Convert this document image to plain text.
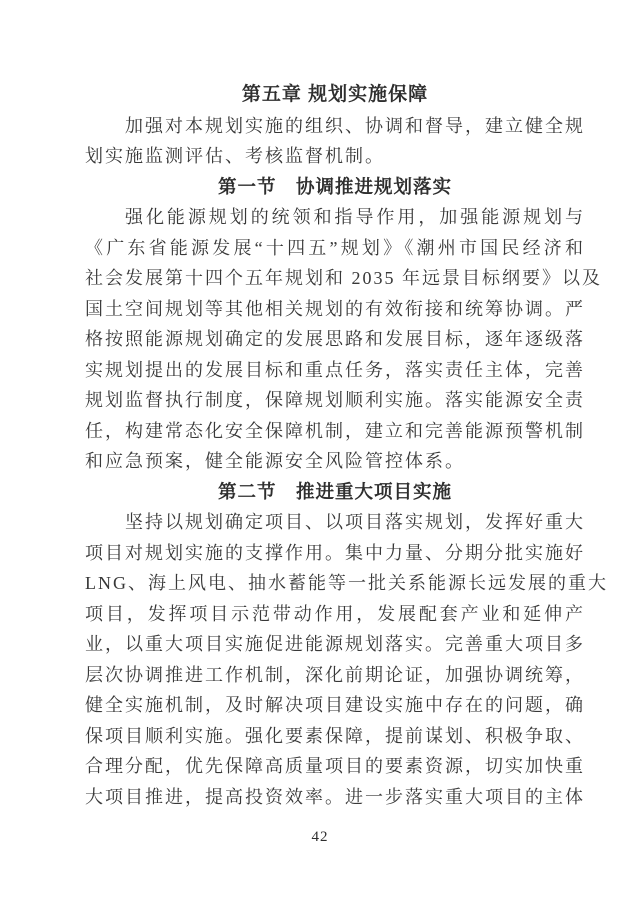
第五章 规划实施保障
加强对本规划实施的组织、协调和督导，建立健全规
划实施监测评估、考核监督机制。
第一节　协调推进规划落实
强化能源规划的统领和指导作用，加强能源规划与
《广东省能源发展“十四五”规划》《潮州市国民经济和
社会发展第十四个五年规划和 2035 年远景目标纲要》以及
国土空间规划等其他相关规划的有效衔接和统筹协调。严
格按照能源规划确定的发展思路和发展目标，逐年逐级落
实规划提出的发展目标和重点任务，落实责任主体，完善
规划监督执行制度，保障规划顺利实施。落实能源安全责
任，构建常态化安全保障机制，建立和完善能源预警机制
和应急预案，健全能源安全风险管控体系。
第二节　推进重大项目实施
坚持以规划确定项目、以项目落实规划，发挥好重大
项目对规划实施的支撑作用。集中力量、分期分批实施好
LNG、海上风电、抽水蓄能等一批关系能源长远发展的重大
项目，发挥项目示范带动作用，发展配套产业和延伸产
业，以重大项目实施促进能源规划落实。完善重大项目多
层次协调推进工作机制，深化前期论证，加强协调统筹，
健全实施机制，及时解决项目建设实施中存在的问题，确
保项目顺利实施。强化要素保障，提前谋划、积极争取、
合理分配，优先保障高质量项目的要素资源，切实加快重
大项目推进，提高投资效率。进一步落实重大项目的主体
42
